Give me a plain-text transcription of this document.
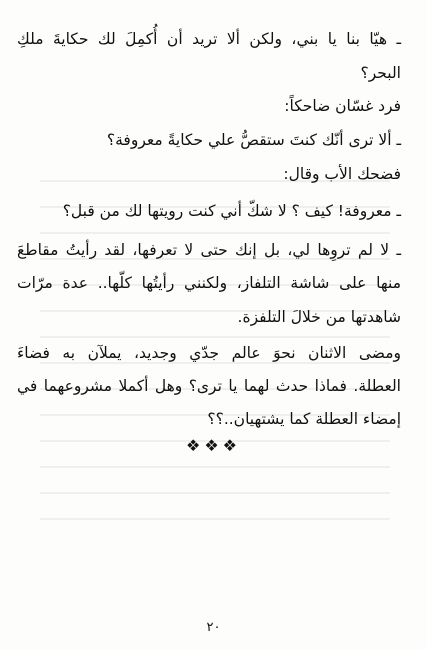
ـ هيّا بنا يا بني، ولكن ألا تريد أن أُكمِلَ لك حكايةَ ملكِ
البحر؟
فرد غسّان ضاحكاً:
ـ ألا ترى أنّك كنتَ ستقصُّ علي حكايةً معروفة؟
فضحك الأب وقال:
ـ معروفة! كيف ؟ لا شكّ أني كنت رويتها لك من قبل؟
ـ لا لم تروِها لي، بل إنك حتى لا تعرفها، لقد رأيتُ مقاطعَ
منها على شاشة التلفاز، ولكنني رأيتُها كلّها.. عدة مرّات
شاهدتها من خلالَ التلفزة.
ومضى الاثنان نحوَ عالم جدّي وجديد، يملآن به فضاءَ
العطلة. فماذا حدث لهما يا ترى؟ وهل أكملا مشروعهما في
إمضاء العطلة كما يشتهيان..؟؟
❖❖❖
٢٠
